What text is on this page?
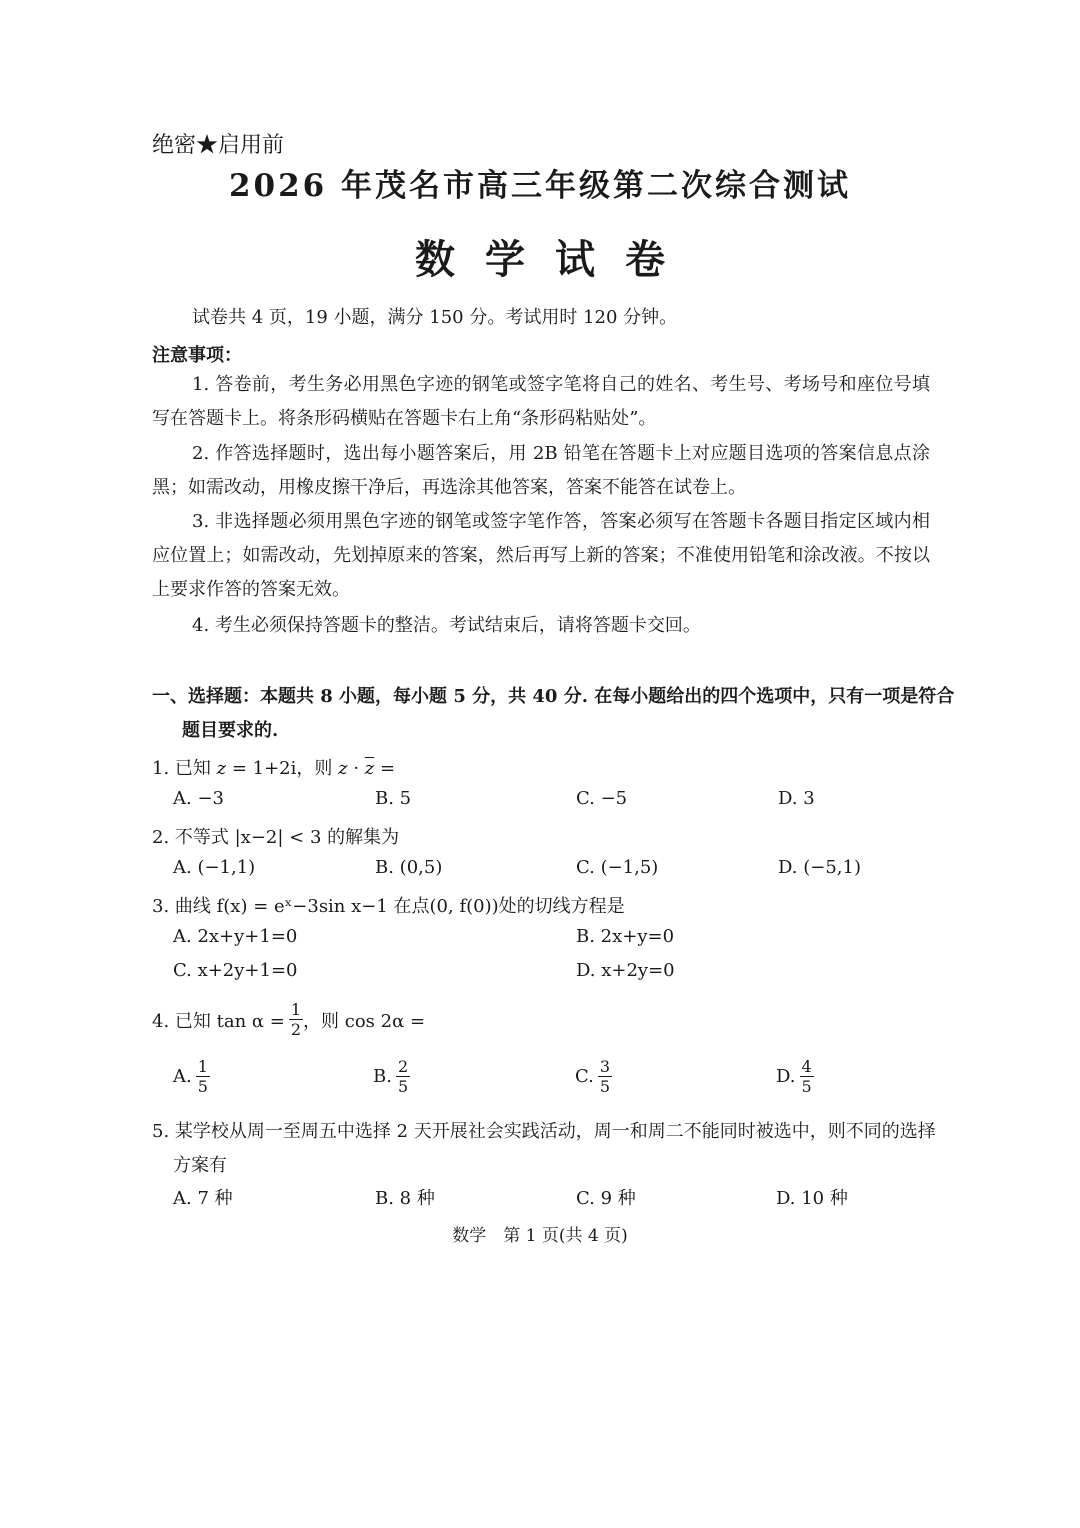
绝密★启用前
2026 年茂名市高三年级第二次综合测试
数学试卷
试卷共 4 页，19 小题，满分 150 分。考试用时 120 分钟。
注意事项：
1. 答卷前，考生务必用黑色字迹的钢笔或签字笔将自己的姓名、考生号、考场号和座位号填写在答题卡上。将条形码横贴在答题卡右上角“条形码粘贴处”。
2. 作答选择题时，选出每小题答案后，用 2B 铅笔在答题卡上对应题目选项的答案信息点涂黑；如需改动，用橡皮擦干净后，再选涂其他答案，答案不能答在试卷上。
3. 非选择题必须用黑色字迹的钢笔或签字笔作答，答案必须写在答题卡各题目指定区域内相应位置上；如需改动，先划掉原来的答案，然后再写上新的答案；不准使用铅笔和涂改液。不按以上要求作答的答案无效。
4. 考生必须保持答题卡的整洁。考试结束后，请将答题卡交回。
一、选择题：本题共 8 小题，每小题 5 分，共 40 分. 在每小题给出的四个选项中，只有一项是符合题目要求的.
1. 已知 z = 1+2i，则 $z \cdot \overline{z}$ =
A. −3	B. 5	C. −5	D. 3
2. 不等式 |x−2| < 3 的解集为
A. (−1,1)	B. (0,5)	C. (−1,5)	D. (−5,1)
3. 曲线 f(x) = eˣ−3sin x−1 在点(0, f(0))处的切线方程是
A. 2x+y+1=0	B. 2x+y=0
C. x+2y+1=0	D. x+2y=0
4. 已知 $\tan \alpha = \frac{1}{2}$ ，则 cos 2α =
A. $\frac{1}{5}$	B. $\frac{2}{5}$	C. $\frac{3}{5}$	D. $\frac{4}{5}$
5. 某学校从周一至周五中选择 2 天开展社会实践活动，周一和周二不能同时被选中，则不同的选择
方案有
A. 7 种	B. 8 种	C. 9 种	D. 10 种
数学　第 1 页(共 4 页)
